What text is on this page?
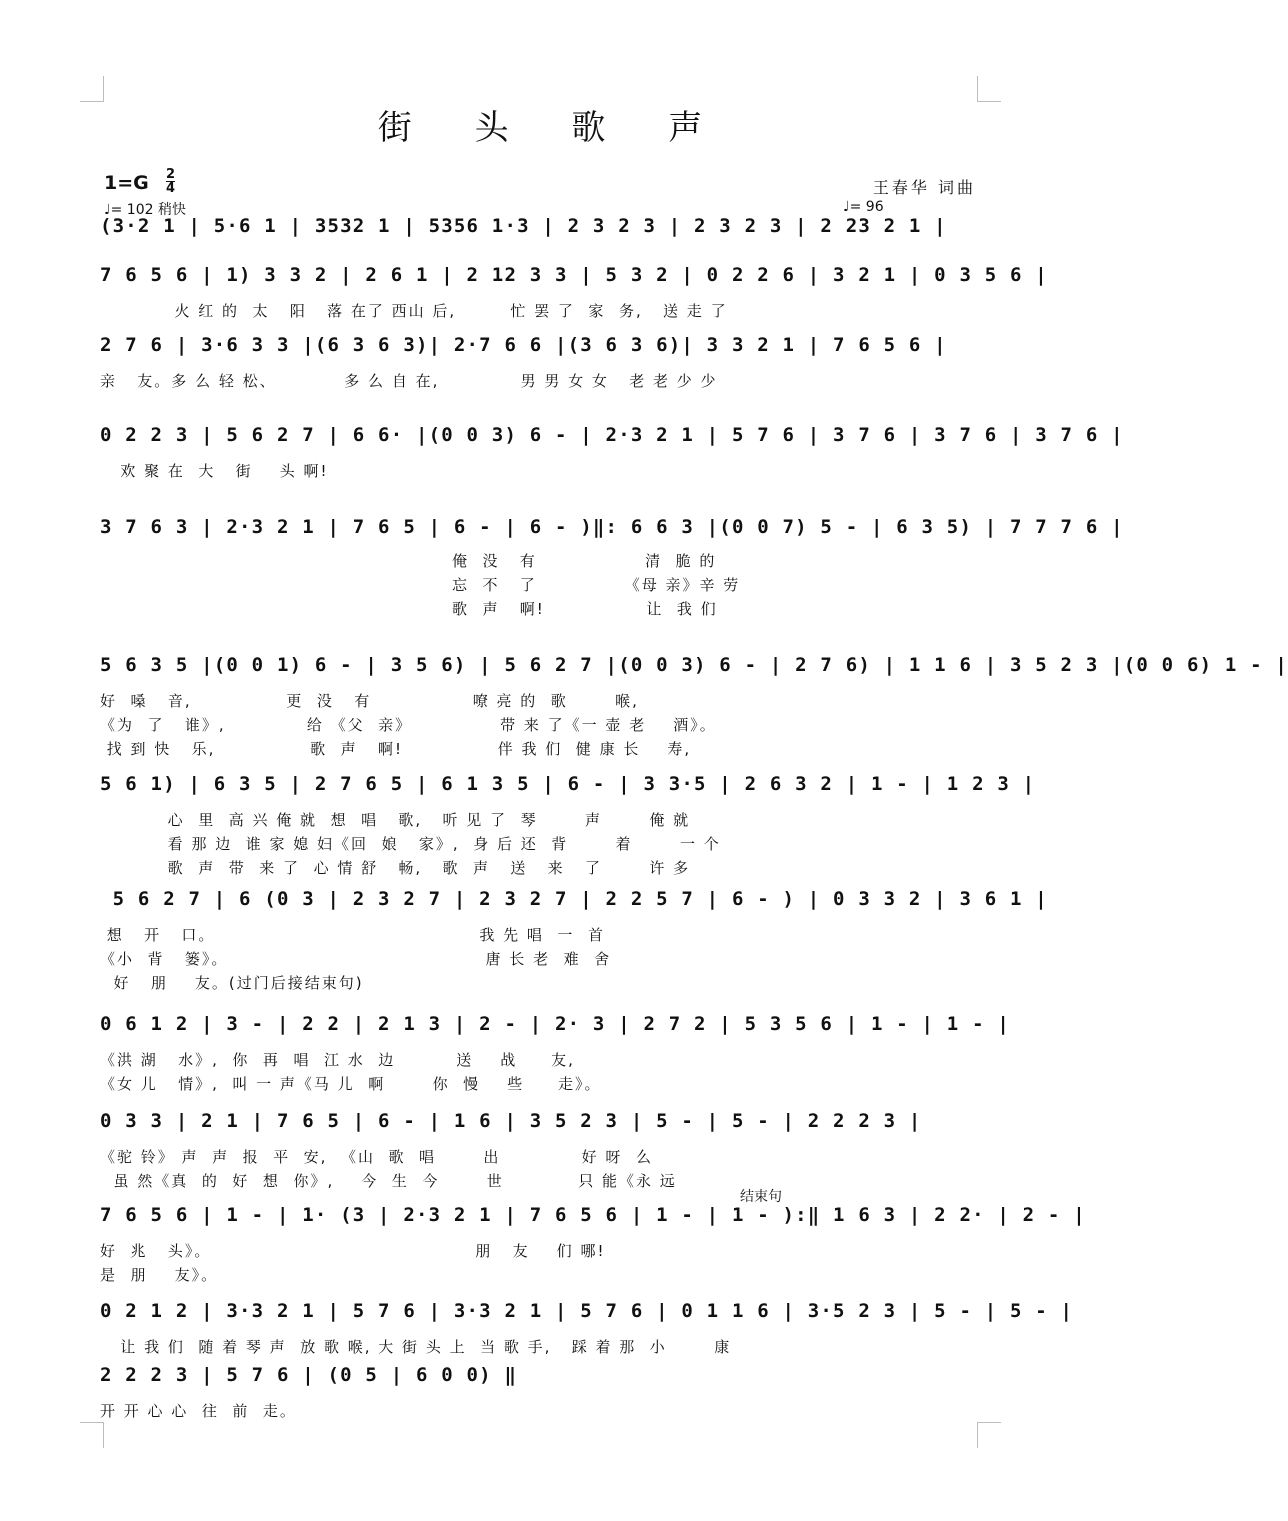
街 头 歌 声
$1=G \frac{2}{4}$	王春华 词曲
♩= 102 稍快	♩= 96
结束句
(3·2 1 | 5·6 1 | 3532 1 | 5356 1·3 | 2 3 2 3 | 2 3 2 3 | 2 23 2 1 |
7 6 5 6 | 1) 3 3 2 | 2 6 1 | 2 12 3 3 | 5 3 2 | 0 2 2 6 | 3 2 1 | 0 3 5 6 |
火 红 的  太   阳   落 在了 西山 后,        忙 罢 了  家  务,   送 走 了
2 7 6 | 3·6 3 3 |(6 3 6 3)| 2·7 6 6 |(3 6 3 6)| 3 3 2 1 | 7 6 5 6 |
亲   友。多 么 轻 松、          多 么 自 在,            男 男 女 女   老 老 少 少
0 2 2 3 | 5 6 2 7 | 6 6· |(0 0 3) 6 - | 2·3 2 1 | 5 7 6 | 3 7 6 | 3 7 6 | 3 7 6 |
欢 聚 在  大   街    头 啊!
3 7 6 3 | 2·3 2 1 | 7 6 5 | 6 - | 6 - )‖: 6 6 3 |(0 0 7) 5 - | 6 3 5) | 7 7 7 6 |
俺  没   有                清  脆 的
忘  不   了             《母 亲》辛 劳
歌  声   啊!               让  我 们
5 6 3 5 |(0 0 1) 6 - | 3 5 6) | 5 6 2 7 |(0 0 3) 6 - | 2 7 6) | 1 1 6 | 3 5 2 3 |(0 0 6) 1 - |
好  嗓   音,              更  没   有               嘹 亮 的  歌       喉,
《为  了   谁》,            给 《父  亲》             带 来 了《一 壶 老    酒》。
找 到 快   乐,              歌  声   啊!              伴 我 们  健 康 长    寿,
5 6 1) | 6 3 5 | 2 7 6 5 | 6 1 3 5 | 6 - | 3 3·5 | 2 6 3 2 | 1 - | 1 2 3 |
心  里  高 兴 俺 就  想  唱   歌,   听 见 了  琴       声       俺 就
看 那 边  谁 家 媳 妇《回  娘   家》,  身 后 还  背       着       一 个
歌  声  带  来 了  心 情 舒   畅,   歌  声   送   来   了       许 多
5 6 2 7 | 6 (0 3 | 2 3 2 7 | 2 3 2 7 | 2 2 5 7 | 6 - ) | 0 3 3 2 | 3 6 1 |
想   开   口。                                       我 先 唱  一  首
《小  背   篓》。                                      唐 长 老  难  舍
好   朋    友。(过门后接结束句)
0 6 1 2 | 3 - | 2 2 | 2 1 3 | 2 - | 2· 3 | 2 7 2 | 5 3 5 6 | 1 - | 1 - |
《洪 湖   水》,  你  再  唱  江 水  边         送    战     友,
《女 儿   情》,  叫 一 声《马 儿  啊       你  慢    些     走》。
0 3 3 | 2 1 | 7 6 5 | 6 - | 1 6 | 3 5 2 3 | 5 - | 5 - | 2 2 2 3 |
《驼 铃》 声  声  报  平  安,  《山  歌  唱       出            好 呀  么
虽 然《真  的  好  想  你》,    今  生  今       世           只 能《永 远
7 6 5 6 | 1 - | 1· (3 | 2·3 2 1 | 7 6 5 6 | 1 - | 1 - ):‖ 1 6 3 | 2 2· | 2 - |
好  兆   头》。                                       朋   友    们 哪!
是  朋    友》。
0 2 1 2 | 3·3 2 1 | 5 7 6 | 3·3 2 1 | 5 7 6 | 0 1 1 6 | 3·5 2 3 | 5 - | 5 - |
让 我 们  随 着 琴 声  放 歌 喉, 大 街 头 上  当 歌 手,   踩 着 那  小       康
2 2 2 3 | 5 7 6 | (0 5 | 6 0 0) ‖
开 开 心 心  往  前  走。
